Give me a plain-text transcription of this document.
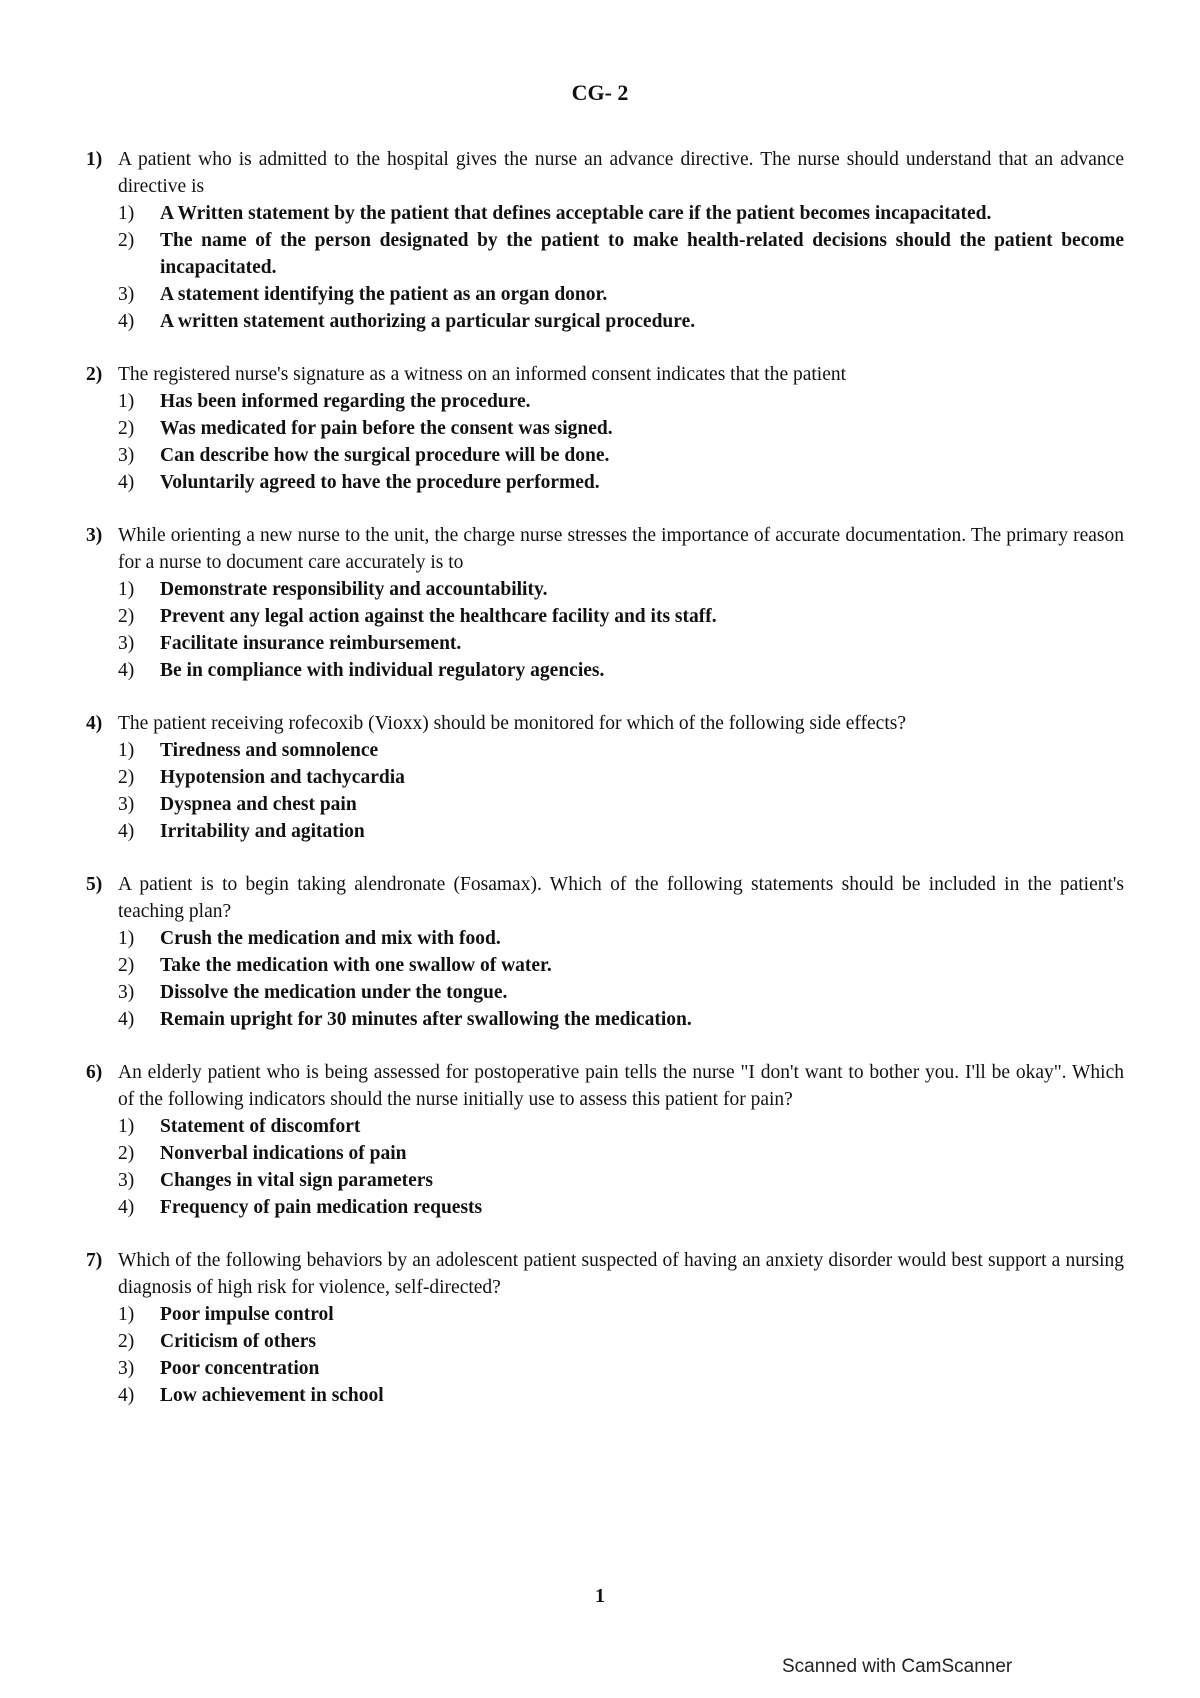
CG- 2
1) A patient who is admitted to the hospital gives the nurse an advance directive. The nurse should understand that an advance directive is
1)	A Written statement by the patient that defines acceptable care if the patient becomes incapacitated.
2)	The name of the person designated by the patient to make health-related decisions should the patient become incapacitated.
3)	A statement identifying the patient as an organ donor.
4)	A written statement authorizing a particular surgical procedure.
2) The registered nurse's signature as a witness on an informed consent indicates that the patient
1)	Has been informed regarding the procedure.
2)	Was medicated for pain before the consent was signed.
3)	Can describe how the surgical procedure will be done.
4)	Voluntarily agreed to have the procedure performed.
3) While orienting a new nurse to the unit, the charge nurse stresses the importance of accurate documentation. The primary reason for a nurse to document care accurately is to
1)	Demonstrate responsibility and accountability.
2)	Prevent any legal action against the healthcare facility and its staff.
3)	Facilitate insurance reimbursement.
4)	Be in compliance with individual regulatory agencies.
4) The patient receiving rofecoxib (Vioxx) should be monitored for which of the following side effects?
1)	Tiredness and somnolence
2)	Hypotension and tachycardia
3)	Dyspnea and chest pain
4)	Irritability and agitation
5) A patient is to begin taking alendronate (Fosamax). Which of the following statements should be included in the patient's teaching plan?
1)	Crush the medication and mix with food.
2)	Take the medication with one swallow of water.
3)	Dissolve the medication under the tongue.
4)	Remain upright for 30 minutes after swallowing the medication.
6) An elderly patient who is being assessed for postoperative pain tells the nurse "I don't want to bother you. I'll be okay". Which of the following indicators should the nurse initially use to assess this patient for pain?
1)	Statement of discomfort
2)	Nonverbal indications of pain
3)	Changes in vital sign parameters
4)	Frequency of pain medication requests
7) Which of the following behaviors by an adolescent patient suspected of having an anxiety disorder would best support a nursing diagnosis of high risk for violence, self-directed?
1)	Poor impulse control
2)	Criticism of others
3)	Poor concentration
4)	Low achievement in school
1
Scanned with CamScanner
